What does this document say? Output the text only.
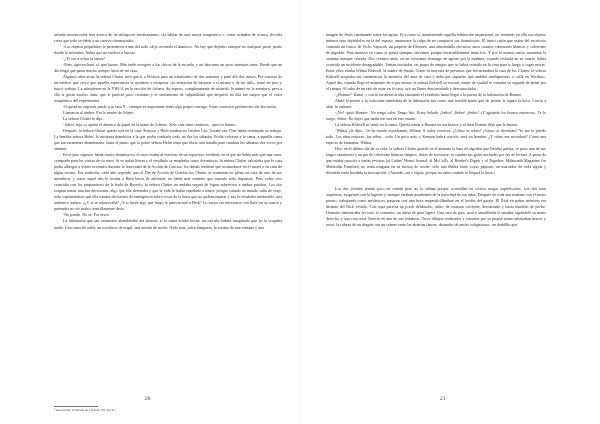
infinita misericordia lera acerca de un milagroso medicamento, «la hablar de una nueva terapéutica », como acababa de ocurrir, decidía creer que todo se debía a un «nervio desmayado».

-Los objetos pequeñitos te pertenecen a uno del todo «dijo cerrando el abanico». No hay que dejarlos siempre en cualquier parte, ponlo donde lo necesites. Sabes que no vuelves a buscar.

-¿Te vas a echar la siesta?

-Pues, aprovecharé, sí, qué bueno. Más tarde recogeré a los chicos de la escuela, y así descanso un poco mientras tanto. Puede que un día tenga que pasar mucho tiempo fuera de mi casa.

Algunos años atrás, la señora Clutter tuvo que ir a Wichita para un tratamiento de dos semanas y pasó allí dos meses. Por consejo de un médico que creyó que aquella experiencia la ayudaría a recuperar «la sensación de bastarse a sí misma y de ser útil», tomó un piso y buscó trabajo. La admitieron en la YWCA en la sección de fichero. Su esposo, completamente de acuerdo, la animó en la aventura, pero a ella le gustó mucho, tanto que le pareció poco cristiano y el sentimiento de culpabilidad que despertó en ella fue mayor que el valor terapéutico del experimento.

-O quizá no regreses jamás a tu casa Y... siempre es importante tener algo propio consigo. Estas cosas nos pertenecen, sin discusión.

Llamaron al timbre. Era la madre de Jolene.

La señora Clutter le dijo:

-Adiós, hija «y apretó el abanico de papel en la mano de Jolene». Sólo vale unos centavos... pero es bonito.

Después, la señora Clutter quedó sola en la casa. Kenyon y Herb estaban en Garden City. Gerald van Vliet había terminado su trabajo. La bendita señora Helm, la asistenta doméstica a la que podía confiarle todo, no iba los sábados. Podía volverse a la cama, a aquella cama que tan raramente abandonaba, hasta el punto que la pobre señora Helm tenía que librar una batalla para cambiar las sábanas dos veces por semana.

En el piso superior había cuatro dormitorios, el suyo estaba al extremo de un espacioso vestíbulo en el que no había más que una cuna, comprada para las visitas de su nieto. Si se traían literas y el vestíbulo se empleaba como dormitorio, la señora Clutter calculaba que la casa podía albergar a veinte invitados durante la festividad de la Acción de Gracias; los demás tendrían que acomodarse en el motel o en casa de algún vecino. Era tradición, cada año repetida, que el Día de Acción de Gracias los Clutter se reunieran en pleno en casa de uno de sus miembros, y como aquel año le tocaba a Herb hacer de anfitrión, no había más remedio que tomarle todo dispuesto. Pero como otro coincidía con los preparativos de la boda de Beverly, la señora Clutter no andaba segura de lograr sobrevivir a ambas pruebas. Los dos exigían tomar muchas decisiones, algo que ella detestaba y que la vida le había enseñado a temer, porque cuando su marido salía de viaje, todo exponiéndose que ella tomara decisiones de emergencia sobre cosas de la finca que no podían esperar y eso le resultaba intolerable, una auténtica tortura. «¿Y si se equivocaba? ¿Y si hacía algo que luego le parecía mal a Herb? Lo mejor era encerrarse con llave en su cuarto y pretender no oír nada o sencillamente decir:

-No puedo. No sé. Por favor.

La habitación que tan raramente abandonaba era austera; si la cama estaba hecha, un extraño habría imaginado que no la ocupaba nadie. Una cama de roble, un escritorio de nogal, una mesita de noche. Nada más, salvo lámparas, la cortina de una ventana y una

¹ Asociación Cristiana de Jóvenes. (N. del T.)
20

imagen de Jesús caminando sobre las aguas. Era como si, manteniendo aquella habitación impersonal, no teniendo en ella sus objetos íntimos sino dejándolos en la del esposo, aminorase la culpa de no compartir sus dormitorios. El único cajón que usaba del escritorio contenía un frasco de Vicks Vaporub, un paquete de Kleenex, una almohadilla eléctrica, unos cuantos camisones blancos y calcetines de algodón. Para meterse en cama se ponía siempre calcetines porque invariablemente tenía frío. Y por la misma razón, mantenía la ventana siempre cerrada. Dos veranos atrás, en un sofocante domingo de agosto por la mañana, estando recluida en su cuarto, había ocurrido un incidente desagradable. Tenían invitados, un grupo de amigos que se había reunido en la casa para ir luego a coger moras. Entre ellos estaba Wilma Kidwell, la madre de Susan. Como la mayoría de personas que frecuentaban la casa de los Clutter, la señora Kidwell aceptaba sin comentarios la ausencia del ama de casa y daba por supuesto que andaba «indispuesta» o «allá en Wichita». Aquel día, cuando llegó el momento de ir por moras, la señora Kidwell se excusó; mujer de ciudad se cansaba en seguida de andar por el campo. Al cabo de un rato de estar en la casa, oyó un llanto desconsolado y desconsolador.

-¿Bonnie? -llamó, y corrió escaleras arriba cruzando el vestíbulo hasta llegar a la puerta de la habitación de Bonnie.

Abrió la puerta y la sofocante atmósfera de la habitación fue como una terrible mano que de pronto le tapara la boca. Corrió a abrir la ventana.

-¡No! -gritó Bonnie-. No tengo calor. Tengo frío. Estoy helada. ¡Señor! ¡Señor! ¡Señor! «Y agitando los brazos entonces». Te lo ruego, Señor. No dejes que nadie me vea en este estado.

La señora Kidwell se sentó en la cama. Quería tomar a Bonnie en sus brazos y al final Bonnie dejó que la besara.

-Wilma «le dijo». Os he estado escuchando, Wilma. A todos vosotros. ¿Cómo os reíais? ¿Cómo os divertíais? Yo me lo pierdo todo. Los años mejores, los niños... todo. Un poco más, y Kenyon habrá crecido, será un hombre. ¿Y cómo me recordará? Como una especie de fantasma, Wilma.

Hoy, en el último día de su vida, la señora Clutter guardó en el armario la bata de algodón que llevaba puesta, se puso uno de sus largos camisones y un par de calcetines blancos limpios. Antes de acostarse, se cambió las gafas normales por las de lectura. A pesar de que estaba suscrita a varias revistas (al Ladies' Home Journal, al McCall's, al Reader's Digest y al Together: Midmonth Magazine for Methodist Families) no tenía ninguna en su mesita de noche; sólo una Biblia entre cuyas páginas, un marcador de seda rígida y desvaída tenía bordada la inscripción: «Atiende, ora y vigila, porque no sabes cuándo te llegará la hora.»

Los dos jóvenes tenían poco en común pero no lo sabían porque coincidían en ciertos rasgos superficiales. Los dos eran esquemas, exigentes con la higiene y siempre estaban pendientes de la pulcritud de sus uñas. Después de toda una mañana con el mono puesto, trabajando como mecánicos, pasaron casi una hora empertifollándose en el lavabo del garaje. El Dick en paños menores era distinto del Dick vestido. Con ropa parecía un joven delabucho, rubio, de estatura corriente, descarnado y hasta hundido de pecho. Desnudo demostraba ser todo lo contrario: un atleta de peso ligero. Una cara de gato, azul y amarillenta le tatuaba, tapándole su mano derecha, y una rosa azul florecía en uno de sus hombros. Otros dibujos realizados y tatuados por su propia mano adornaban brazos y torso: la cabeza de un dragón con un cráneo entre las abiertas fauces, desnudos de pecho voluptuosos, un diablillo que

21
